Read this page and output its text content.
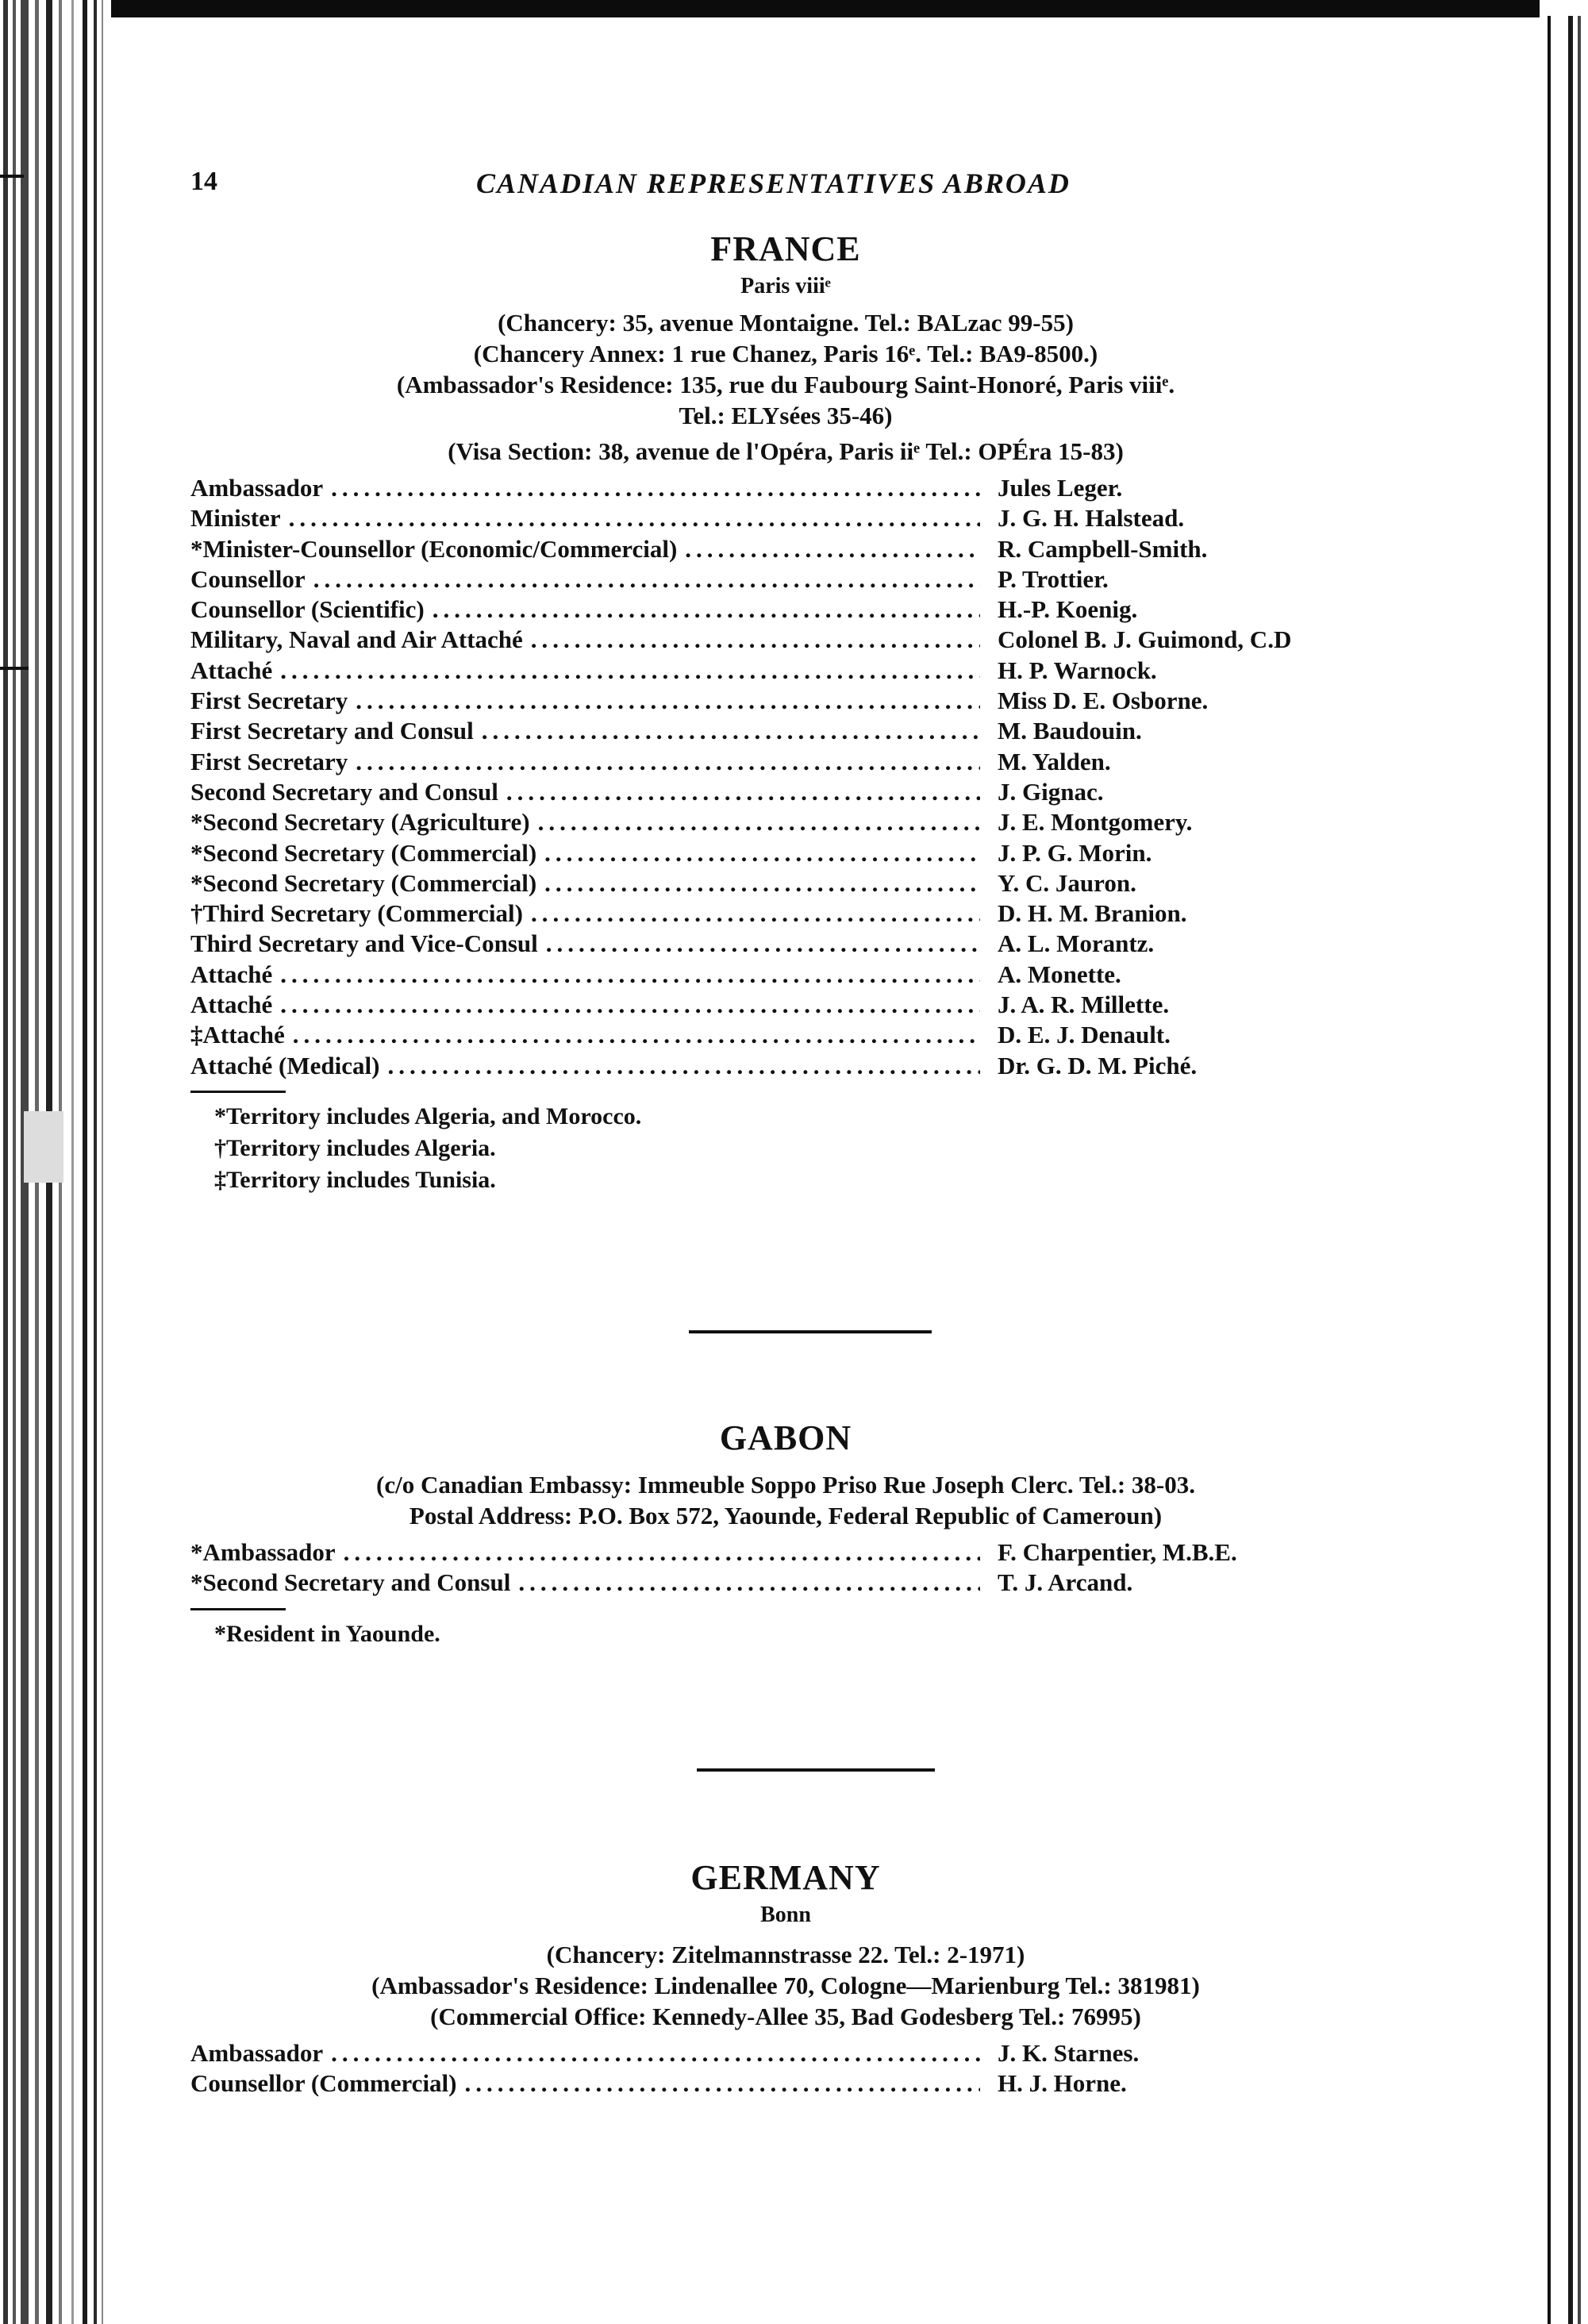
14	CANADIAN REPRESENTATIVES ABROAD
FRANCE
Paris viiiᵉ

(Chancery: 35, avenue Montaigne. Tel.: BALzac 99-55)

(Chancery Annex: 1 rue Chanez, Paris 16ᵉ. Tel.: BA9-8500.)

(Ambassador's Residence: 135, rue du Faubourg Saint-Honoré, Paris viiiᵉ.

Tel.: ELYsées 35-46)

(Visa Section: 38, avenue de l'Opéra, Paris iiᵉ Tel.: OPÉra 15-83)

Ambassador .....	Jules Leger.
Minister .....	J. G. H. Halstead.
*Minister-Counsellor (Economic/Commercial) .....	R. Campbell-Smith.
Counsellor .....	P. Trottier.
Counsellor (Scientific) .....	H.-P. Koenig.
Military, Naval and Air Attaché .....	Colonel B. J. Guimond, C.D
Attaché .....	H. P. Warnock.
First Secretary .....	Miss D. E. Osborne.
First Secretary and Consul .....	M. Baudouin.
First Secretary .....	M. Yalden.
Second Secretary and Consul .....	J. Gignac.
*Second Secretary (Agriculture) .....	J. E. Montgomery.
*Second Secretary (Commercial) .....	J. P. G. Morin.
*Second Secretary (Commercial) .....	Y. C. Jauron.
†Third Secretary (Commercial) .....	D. H. M. Branion.
Third Secretary and Vice-Consul .....	A. L. Morantz.
Attaché .....	A. Monette.
Attaché .....	J. A. R. Millette.
‡Attaché .....	D. E. J. Denault.
Attaché (Medical) .....	Dr. G. D. M. Piché.
*Territory includes Algeria, and Morocco.
†Territory includes Algeria.
‡Territory includes Tunisia.
GABON

(c/o Canadian Embassy: Immeuble Soppo Priso Rue Joseph Clerc. Tel.: 38-03.

Postal Address: P.O. Box 572, Yaounde, Federal Republic of Cameroun)

*Ambassador .....	F. Charpentier, M.B.E.
*Second Secretary and Consul .....	T. J. Arcand.
*Resident in Yaounde.
GERMANY
Bonn

(Chancery: Zitelmannstrasse 22. Tel.: 2-1971)

(Ambassador's Residence: Lindenallee 70, Cologne—Marienburg Tel.: 381981)

(Commercial Office: Kennedy-Allee 35, Bad Godesberg Tel.: 76995)

Ambassador .....	J. K. Starnes.
Counsellor (Commercial) .....	H. J. Horne.
